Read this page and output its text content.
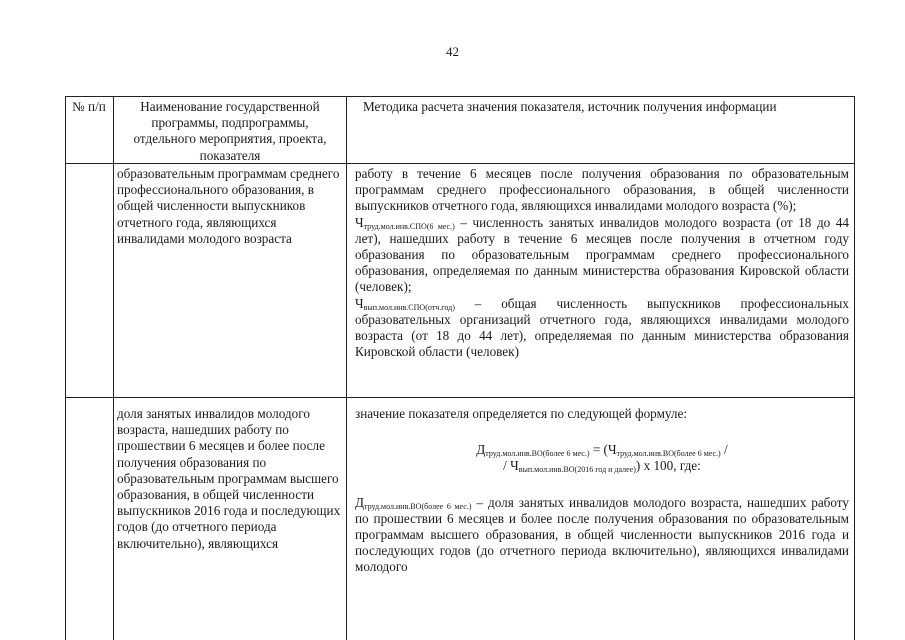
42
№ п/п	Наименование государственной программы, подпрограммы, отдельного мероприятия, проекта, показателя
Методика расчета значения показателя, источник получения информации
образовательным программам среднего профессионального образования, в общей численности выпускников отчетного года, являющихся инвалидами молодого возраста
работу в течение 6 месяцев после получения образования по образовательным программам среднего профессионального образования, в общей численности выпускников отчетного года, являющихся инвалидами молодого возраста (%);
$Ч_{труд.мол.инв.СПО(6 мес.)}$ – численность занятых инвалидов молодого возраста (от 18 до 44 лет), нашедших работу в течение 6 месяцев после получения в отчетном году образования по образовательным программам среднего профессионального образования, определяемая по данным министерства образования Кировской области (человек);
$Ч_{вып.мол.инв.СПО(отч.год)}$ – общая численность выпускников профессиональных образовательных организаций отчетного года, являющихся инвалидами молодого возраста (от 18 до 44 лет), определяемая по данным министерства образования Кировской области (человек)
доля занятых инвалидов молодого возраста, нашедших работу по прошествии 6 месяцев и более после получения образования по образовательным программам высшего образования, в общей численности выпускников 2016 года и последующих годов (до отчетного периода включительно), являющихся
значение показателя определяется по следующей формуле:
$Д_{труд.мол.инв.ВО(более 6 мес.)} = (Ч_{труд.мол.инв.ВО(более 6 мес.)}$ /
/ $Ч_{вып.мол.инв.ВО(2016 год и далее)}$) х 100, где:
$Д_{труд.мол.инв.ВО(более 6 мес.)}$ – доля занятых инвалидов молодого возраста, нашедших работу по прошествии 6 месяцев и более после получения образования по образовательным программам высшего образования, в общей численности выпускников 2016 года и последующих годов (до отчетного периода включительно), являющихся инвалидами молодого
